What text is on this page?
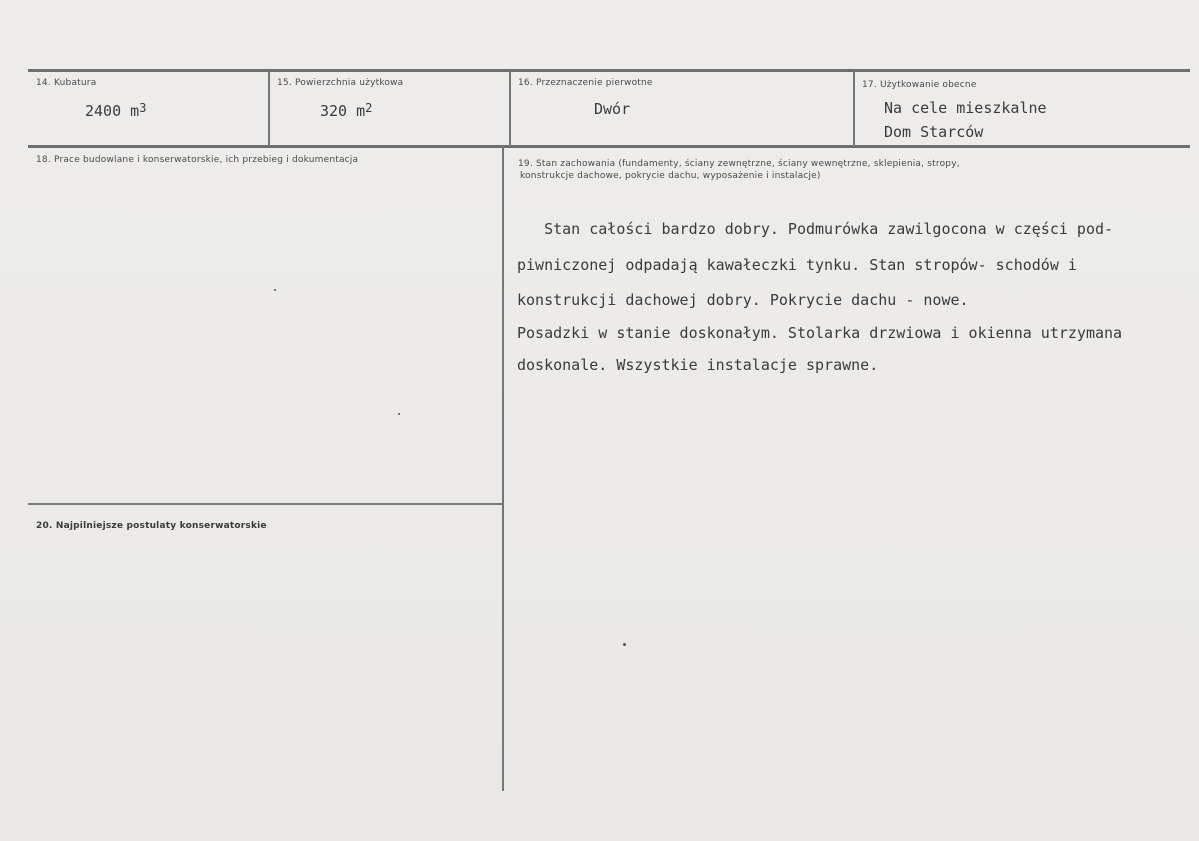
14. Kubatura
2400 $m^3$
15. Powierzchnia użytkowa
320 $m^2$
16. Przeznaczenie pierwotne
Dwór
17. Użytkowanie obecne
Na cele mieszkalne
Dom Starców
18. Prace budowlane i konserwatorskie, ich przebieg i dokumentacja	19. Stan zachowania (fundamenty, ściany zewnętrzne, ściany wewnętrzne, sklepienia, stropy,
konstrukcje dachowe, pokrycie dachu, wyposażenie i instalacje)
Stan całości bardzo dobry. Podmurówka zawilgocona w części pod-
piwniczonej odpadają kawałeczki tynku. Stan stropów- schodów i
konstrukcji dachowej dobry. Pokrycie dachu - nowe.
Posadzki w stanie doskonałym. Stolarka drzwiowa i okienna utrzymana
doskonale. Wszystkie instalacje sprawne.
20. Najpilniejsze postulaty konserwatorskie
